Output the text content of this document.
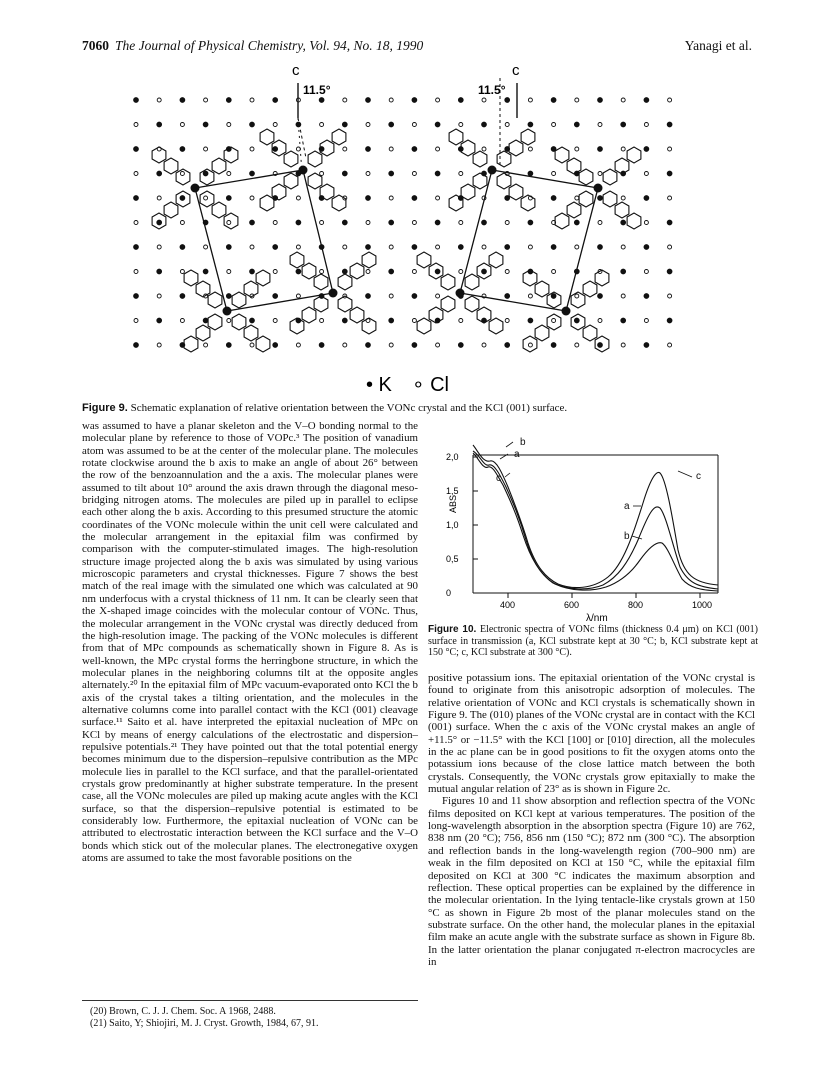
7060 The Journal of Physical Chemistry, Vol. 94, No. 18, 1990	Yanagi et al.
c	c
11.5°	11.5°
• K ∘ Cl
Figure 9. Schematic explanation of relative orientation between the VONc crystal and the KCl (001) surface.

was assumed to have a planar skeleton and the V–O bonding normal to the molecular plane by reference to those of VOPc.³ The position of vanadium atom was assumed to be at the center of the molecular plane. The molecules rotate clockwise around the b axis to make an angle of about 26° between the row of the benzoannulation and the a axis. The molecular planes were assumed to tilt about 10° around the axis drawn through the diagonal meso-bridging nitrogen atoms. The molecules are piled up in parallel to eclipse each other along the b axis. According to this presumed structure the atomic coordinates of the VONc molecule within the unit cell were calculated and the molecular arrangement in the epitaxial film was confirmed by comparison with the computer-stimulated images. The high-resolution structure image projected along the b axis was simulated by using various microscopic parameters and crystal thicknesses. Figure 7 shows the best match of the real image with the simulated one which was calculated at 90 nm underfocus with a crystal thickness of 11 nm. It can be clearly seen that the X-shaped image coincides with the molecular contour of VONc. Thus, the molecular arrangement in the VONc crystal was directly deduced from the high-resolution image. The packing of the VONc molecules is different from that of MPc compounds as schematically shown in Figure 8. As is well-known, the MPc crystal forms the herringbone structure, in which the molecular planes in the neighboring columns tilt at the opposite angles alternately.²⁰ In the epitaxial film of MPc vacuum-evaporated onto KCl the b axis of the crystal takes a tilting orientation, and the molecules in the alternative columns come into parallel contact with the KCl (001) cleavage surface.¹¹ Saito et al. have interpreted the epitaxial nucleation of MPc on KCl by means of energy calculations of the electrostatic and dispersion–repulsive potentials.²¹ They have pointed out that the total potential energy becomes minimum due to the dispersion–repulsive contribution as the MPc molecule lies in parallel to the KCl surface, and that the parallel-orientated crystals grow predominantly at higher substrate temperature. In the present case, all the VONc molecules are piled up making acute angles with the KCl surface, so that the dispersion–repulsive potential is estimated to be considerably low. Furthermore, the epitaxial nucleation of VONc can be attributed to electrostatic interaction between the KCl surface and the V–O bonds which stick out of the molecular planes. The electronegative oxygen atoms are assumed to take the most favorable positions on the

2,0
1,5
1,0
0,5
0
400	600	800	1000
b
a
c
c
a
b
ABS
λ/nm
Figure 10. Electronic spectra of VONc films (thickness 0.4 μm) on KCl (001) surface in transmission (a, KCl substrate kept at 30 °C; b, KCl substrate kept at 150 °C; c, KCl substrate at 300 °C).

positive potassium ions. The epitaxial orientation of the VONc crystal is found to originate from this anisotropic adsorption of molecules. The relative orientation of VONc and KCl crystals is schematically shown in Figure 9. The (010) planes of the VONc crystal are in contact with the KCl (001) surface. When the c axis of the VONc crystal makes an angle of +11.5° or −11.5° with the KCl [100] or [010] direction, all the molecules in the ac plane can be in good positions to fit the oxygen atoms onto the potassium ions because of the close lattice match between the both crystals. Consequently, the VONc crystals grow epitaxially to make the mutual angular relation of 23° as is shown in Figure 2c.

Figures 10 and 11 show absorption and reflection spectra of the VONc films deposited on KCl kept at various temperatures. The position of the long-wavelength absorption in the absorption spectra (Figure 10) are 762, 838 nm (20 °C); 756, 856 nm (150 °C); 872 nm (300 °C). The absorption and reflection bands in the long-wavelength region (700–900 nm) are weak in the film deposited on KCl at 150 °C, while the epitaxial film deposited on KCl at 300 °C indicates the maximum absorption and reflection. These optical properties can be explained by the difference in the molecular orientation. In the lying tentacle-like crystals grown at 150 °C as shown in Figure 2b most of the planar molecules stand on the substrate surface. On the other hand, the molecular planes in the epitaxial film make an acute angle with the substrate surface as shown in Figure 8b. In the latter orientation the planar conjugated π-electron macrocycles are in

(20) Brown, C. J. J. Chem. Soc. A 1968, 2488.
(21) Saito, Y; Shiojiri, M. J. Cryst. Growth, 1984, 67, 91.
